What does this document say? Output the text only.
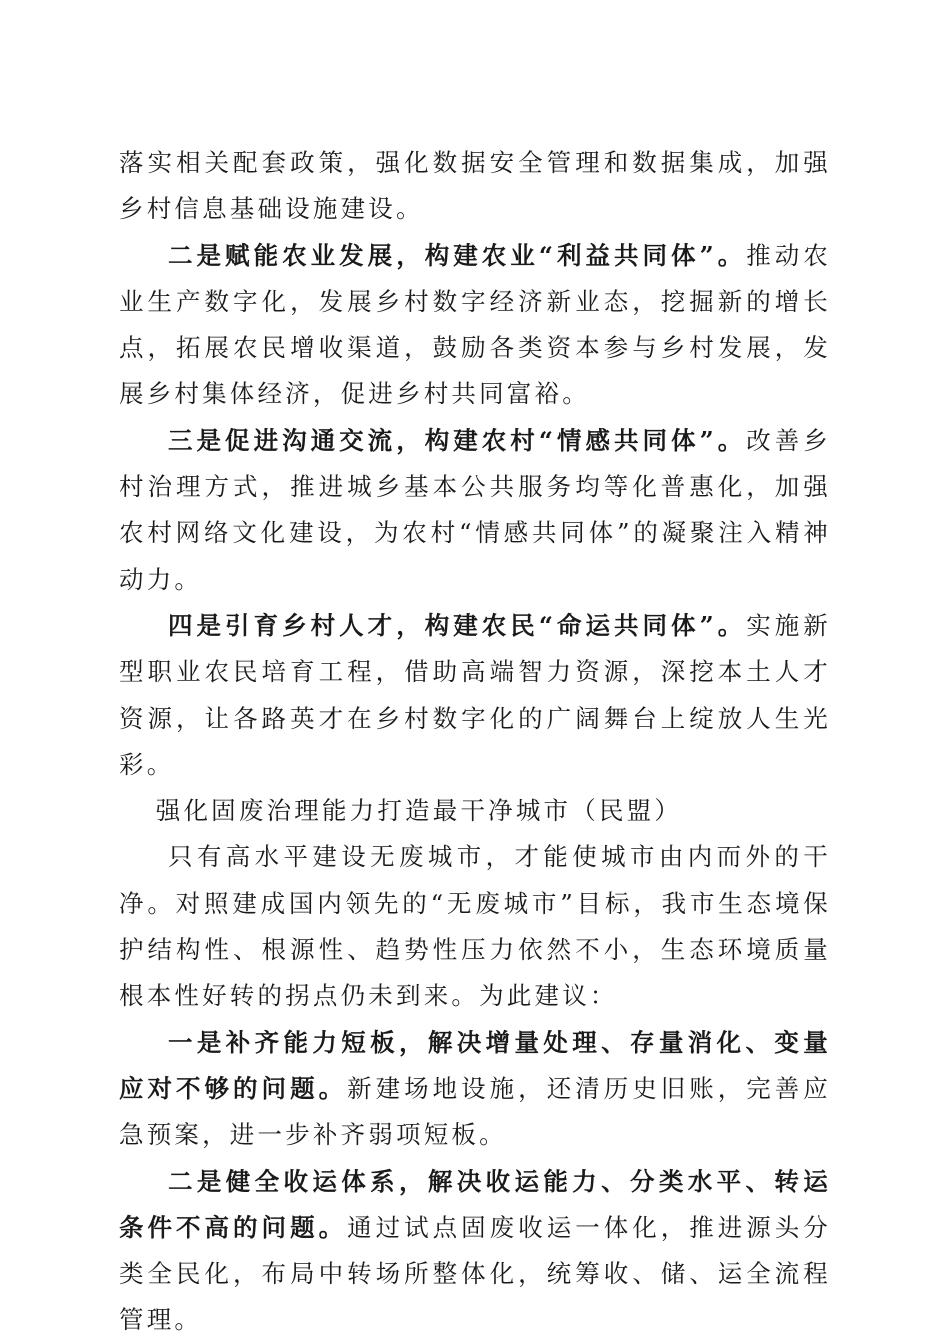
落实相关配套政策，强化数据安全管理和数据集成，加强乡村信息基础设施建设。

二是赋能农业发展，构建农业“利益共同体”。推动农业生产数字化，发展乡村数字经济新业态，挖掘新的增长点，拓展农民增收渠道，鼓励各类资本参与乡村发展，发展乡村集体经济，促进乡村共同富裕。

三是促进沟通交流，构建农村“情感共同体”。改善乡村治理方式，推进城乡基本公共服务均等化普惠化，加强农村网络文化建设，为农村“情感共同体”的凝聚注入精神动力。

四是引育乡村人才，构建农民“命运共同体”。实施新型职业农民培育工程，借助高端智力资源，深挖本土人才资源，让各路英才在乡村数字化的广阔舞台上绽放人生光彩。

强化固废治理能力打造最干净城市（民盟）

只有高水平建设无废城市，才能使城市由内而外的干净。对照建成国内领先的“无废城市”目标，我市生态境保护结构性、根源性、趋势性压力依然不小，生态环境质量根本性好转的拐点仍未到来。为此建议：

一是补齐能力短板，解决增量处理、存量消化、变量应对不够的问题。新建场地设施，还清历史旧账，完善应急预案，进一步补齐弱项短板。

二是健全收运体系，解决收运能力、分类水平、转运条件不高的问题。通过试点固废收运一体化，推进源头分类全民化，布局中转场所整体化，统筹收、储、运全流程管理。
